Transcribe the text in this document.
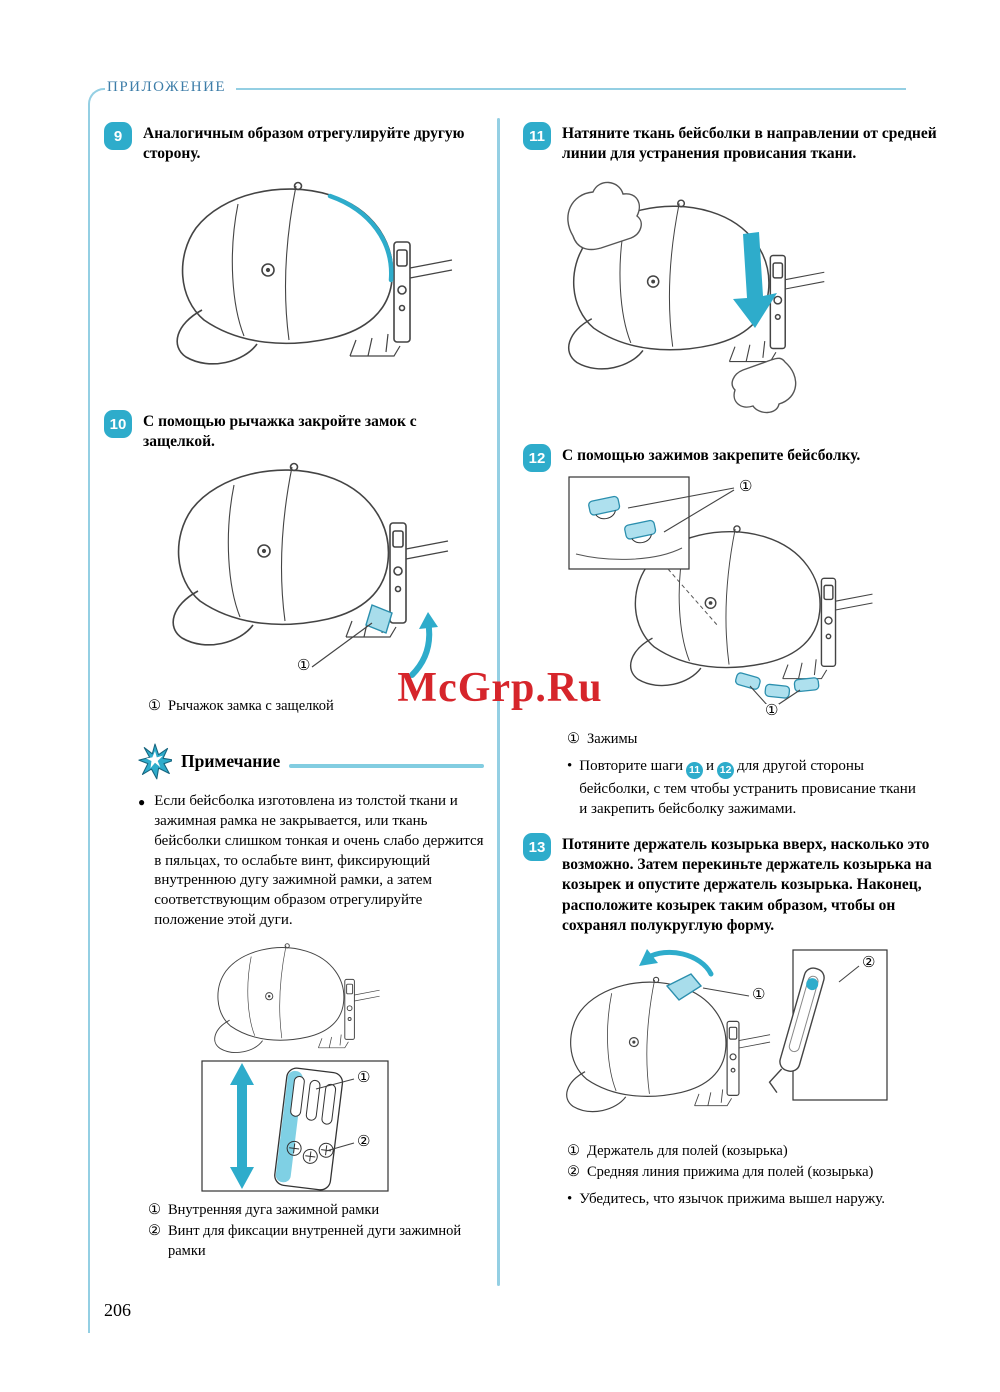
ПРИЛОЖЕНИЕ
McGrp.Ru
206
9	Аналогичным образом отрегулируйте другую сторону.
10	С помощью рычажка закройте замок с защелкой.
①
① Рычажок замка с защелкой
Примечание
● Если бейсболка изготовлена из толстой ткани и зажимная рамка не закрывается, или ткань бейсболки слишком тонкая и очень слабо держится в пяльцах, то ослабьте винт, фиксирующий внутреннюю дугу зажимной рамки, а затем соответствующим образом отрегулируйте положение этой дуги.
①
②
① Внутренняя дуга зажимной рамки
② Винт для фиксации внутренней дуги зажимной рамки
11	Натяните ткань бейсболки в направлении от средней линии для устранения провисания ткани.
12	С помощью зажимов закрепите бейсболку.
①
①
① Зажимы
• Повторите шаги 11 и 12 для другой стороны бейсболки, с тем чтобы устранить провисание ткани и закрепить бейсболку зажимами.
13	Потяните держатель козырька вверх, насколько это возможно. Затем перекиньте держатель козырька на козырек и опустите держатель козырька. Наконец, расположите козырек таким образом, чтобы он сохранял полукруглую форму.
①
②
① Держатель для полей (козырька)
② Средняя линия прижима для полей (козырька)
• Убедитесь, что язычок прижима вышел наружу.
